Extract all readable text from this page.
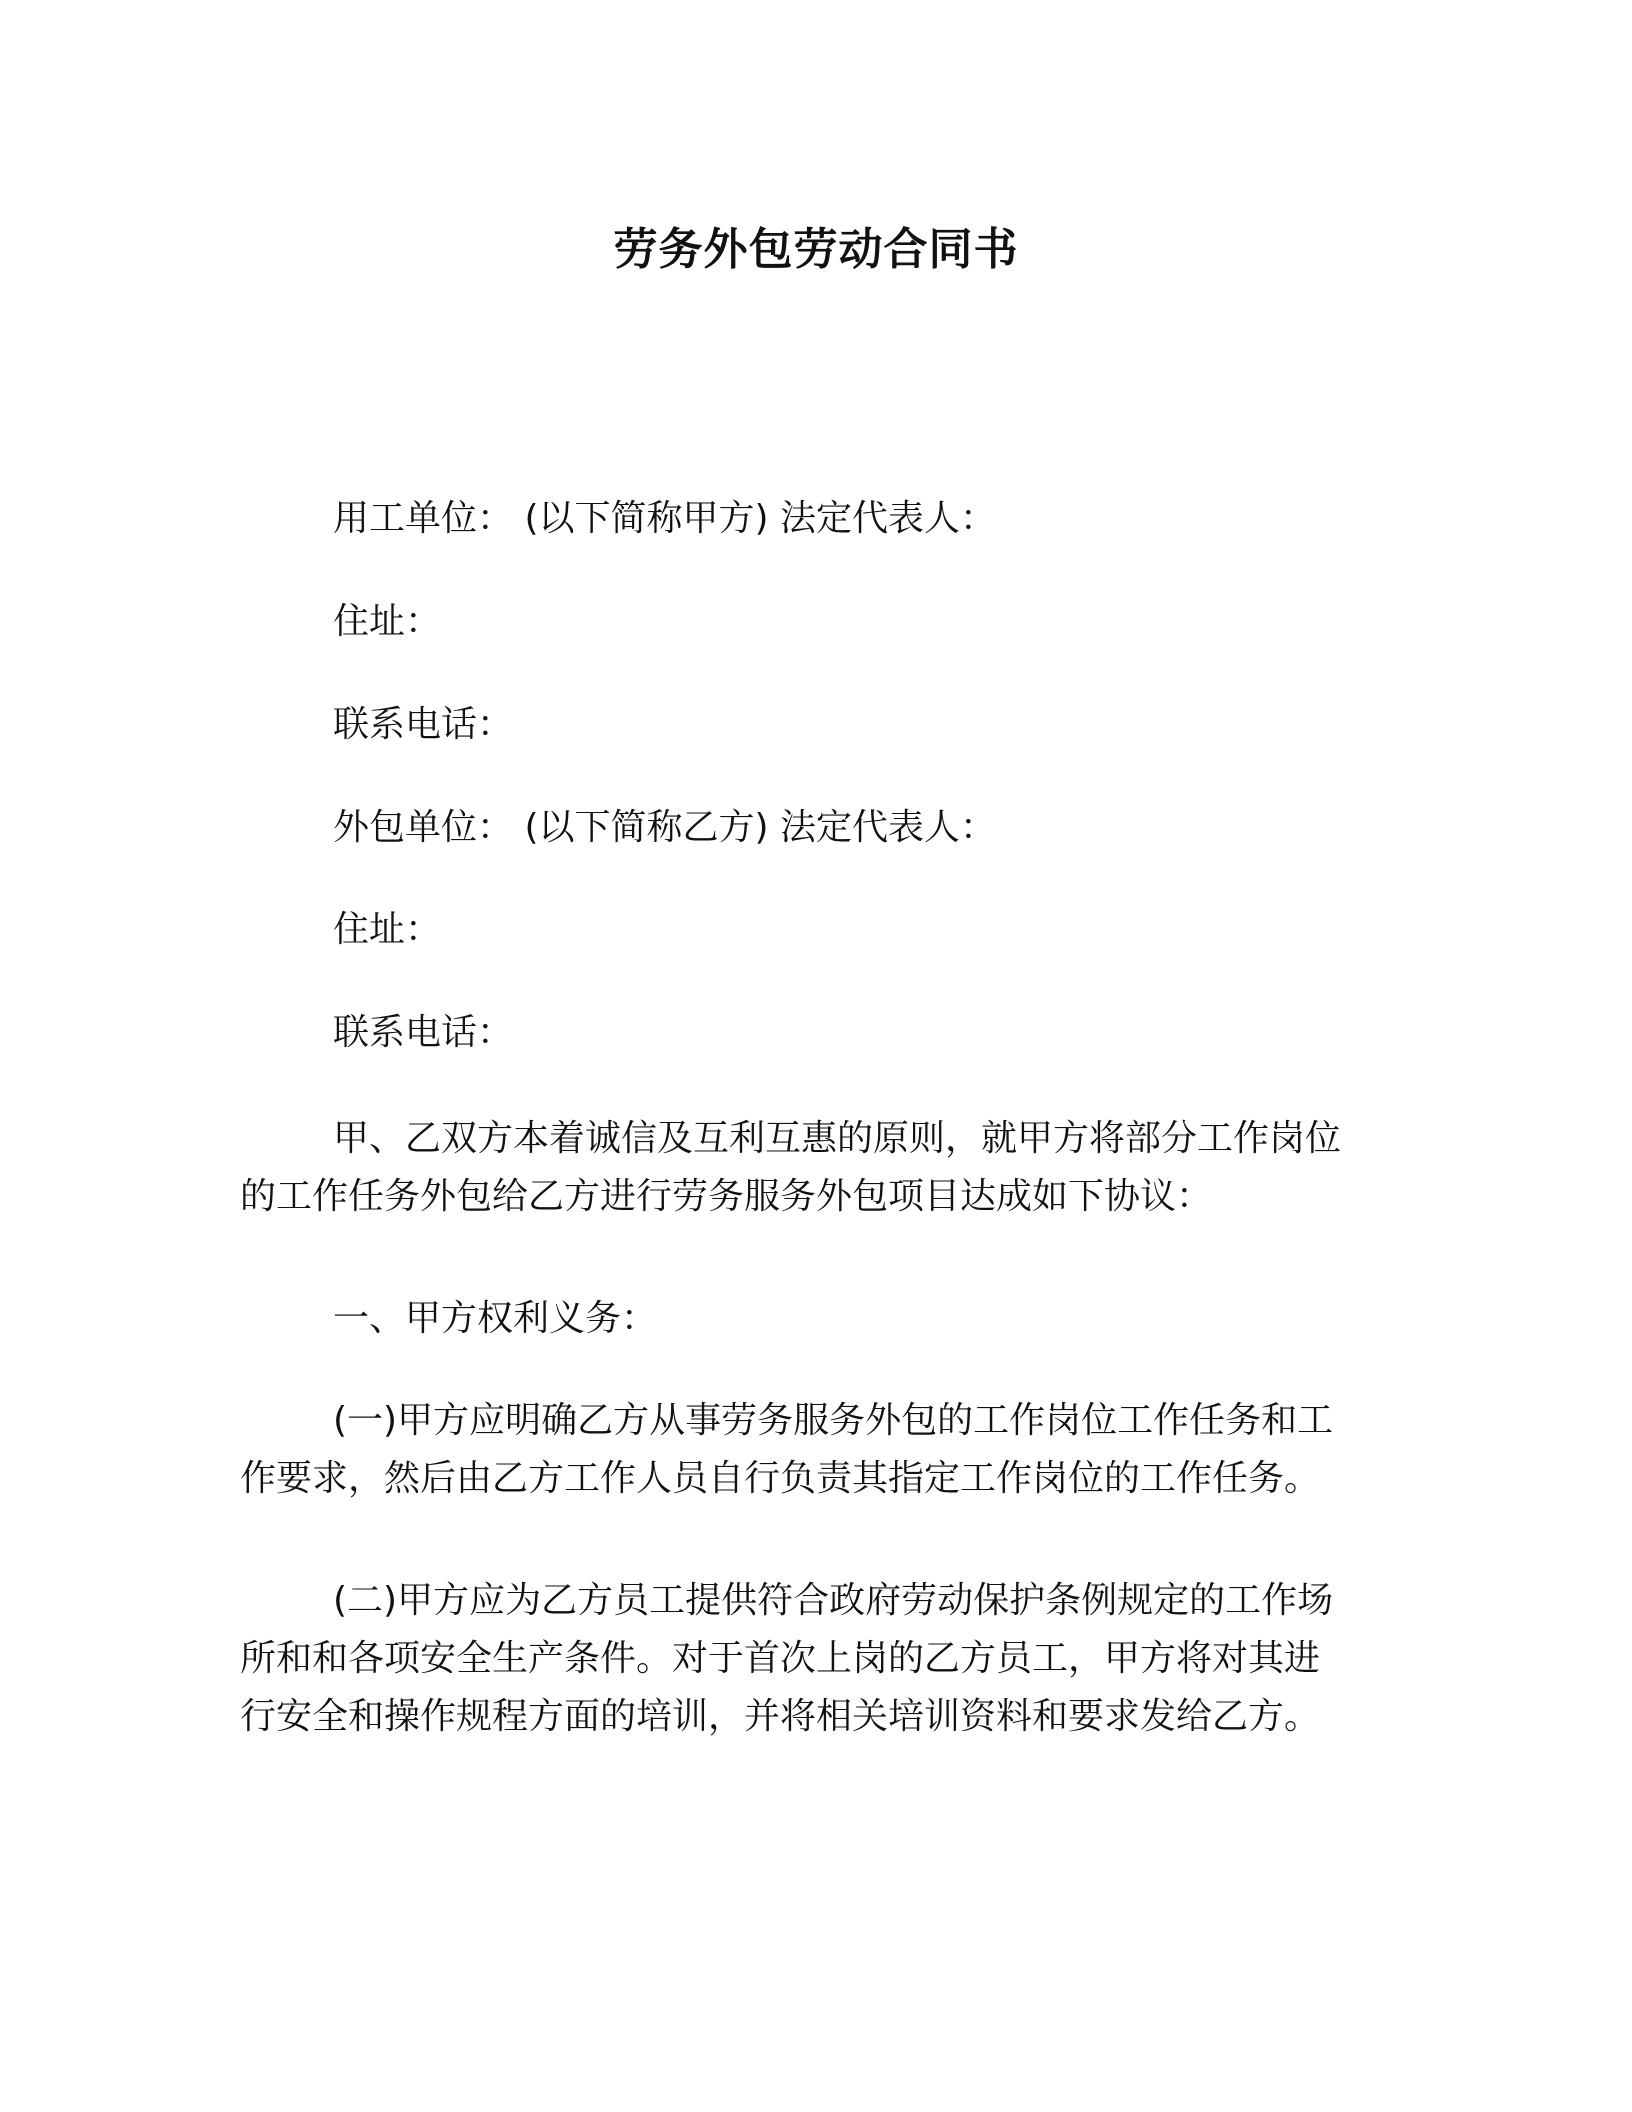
劳务外包劳动合同书

用工单位： (以下简称甲方) 法定代表人：

住址：

联系电话：

外包单位： (以下简称乙方) 法定代表人：

住址：

联系电话：

甲、乙双方本着诚信及互利互惠的原则，就甲方将部分工作岗位
的工作任务外包给乙方进行劳务服务外包项目达成如下协议：

一、甲方权利义务：

(一)甲方应明确乙方从事劳务服务外包的工作岗位工作任务和工
作要求，然后由乙方工作人员自行负责其指定工作岗位的工作任务。
(二)甲方应为乙方员工提供符合政府劳动保护条例规定的工作场
所和和各项安全生产条件。对于首次上岗的乙方员工，甲方将对其进
行安全和操作规程方面的培训，并将相关培训资料和要求发给乙方。
